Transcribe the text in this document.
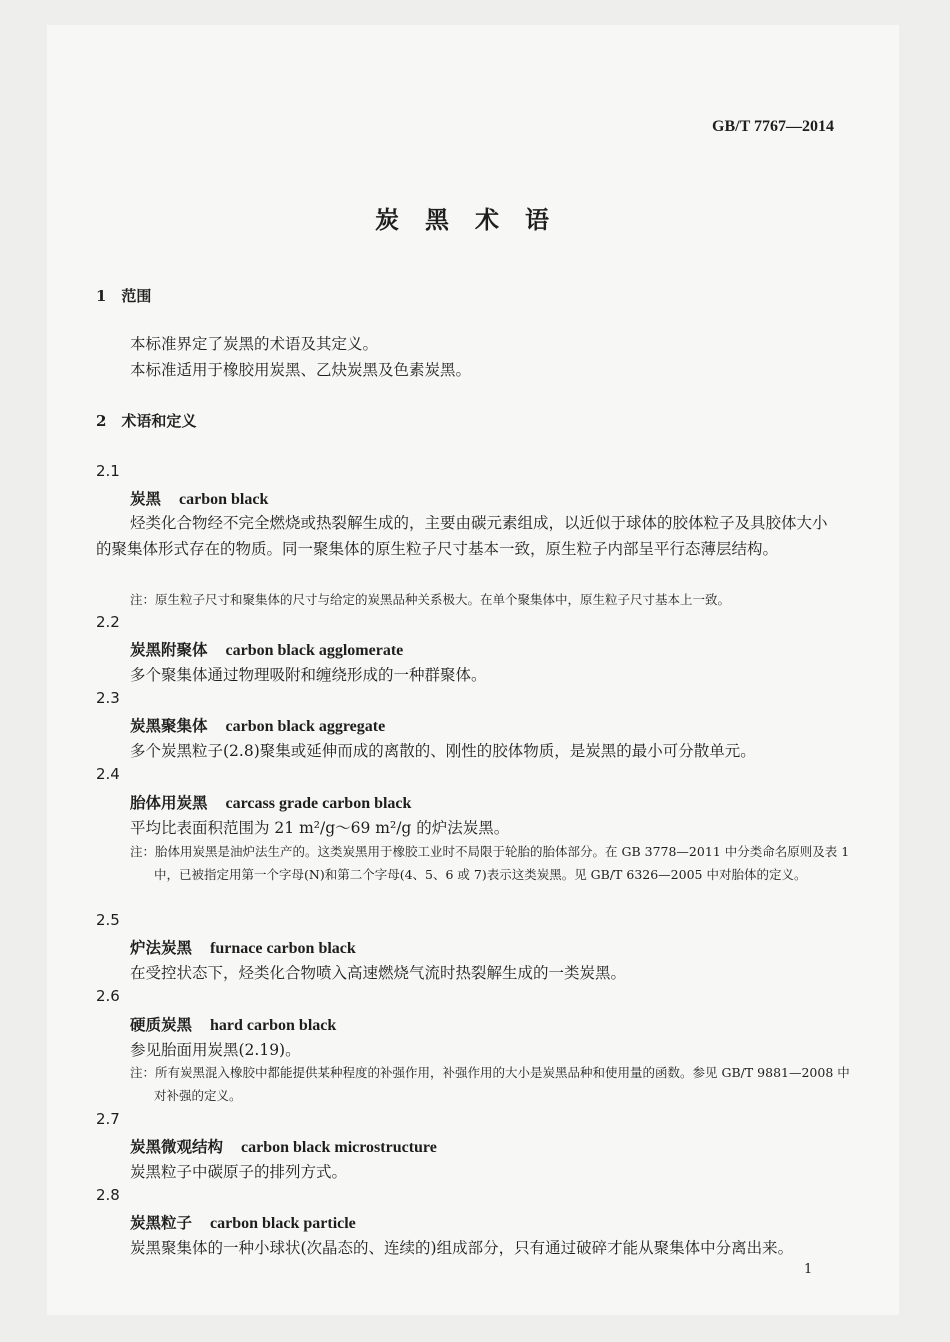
GB/T 7767—2014
炭黑术语
1　范围
本标准界定了炭黑的术语及其定义。
本标准适用于橡胶用炭黑、乙炔炭黑及色素炭黑。
2　术语和定义
2.1
炭黑 carbon black
烃类化合物经不完全燃烧或热裂解生成的，主要由碳元素组成，以近似于球体的胶体粒子及具胶体大小的聚集体形式存在的物质。同一聚集体的原生粒子尺寸基本一致，原生粒子内部呈平行态薄层结构。
注：原生粒子尺寸和聚集体的尺寸与给定的炭黑品种关系极大。在单个聚集体中，原生粒子尺寸基本上一致。
2.2
炭黑附聚体 carbon black agglomerate
多个聚集体通过物理吸附和缠绕形成的一种群聚体。
2.3
炭黑聚集体 carbon black aggregate
多个炭黑粒子(2.8)聚集或延伸而成的离散的、刚性的胶体物质，是炭黑的最小可分散单元。
2.4
胎体用炭黑 carcass grade carbon black
平均比表面积范围为 21 m²/g～69 m²/g 的炉法炭黑。
注：胎体用炭黑是油炉法生产的。这类炭黑用于橡胶工业时不局限于轮胎的胎体部分。在 GB 3778—2011 中分类命名原则及表 1 中，已被指定用第一个字母(N)和第二个字母(4、5、6 或 7)表示这类炭黑。见 GB/T 6326—2005 中对胎体的定义。
2.5
炉法炭黑 furnace carbon black
在受控状态下，烃类化合物喷入高速燃烧气流时热裂解生成的一类炭黑。
2.6
硬质炭黑 hard carbon black
参见胎面用炭黑(2.19)。
注：所有炭黑混入橡胶中都能提供某种程度的补强作用，补强作用的大小是炭黑品种和使用量的函数。参见 GB/T 9881—2008 中对补强的定义。
2.7
炭黑微观结构 carbon black microstructure
炭黑粒子中碳原子的排列方式。
2.8
炭黑粒子 carbon black particle
炭黑聚集体的一种小球状(次晶态的、连续的)组成部分，只有通过破碎才能从聚集体中分离出来。
1
